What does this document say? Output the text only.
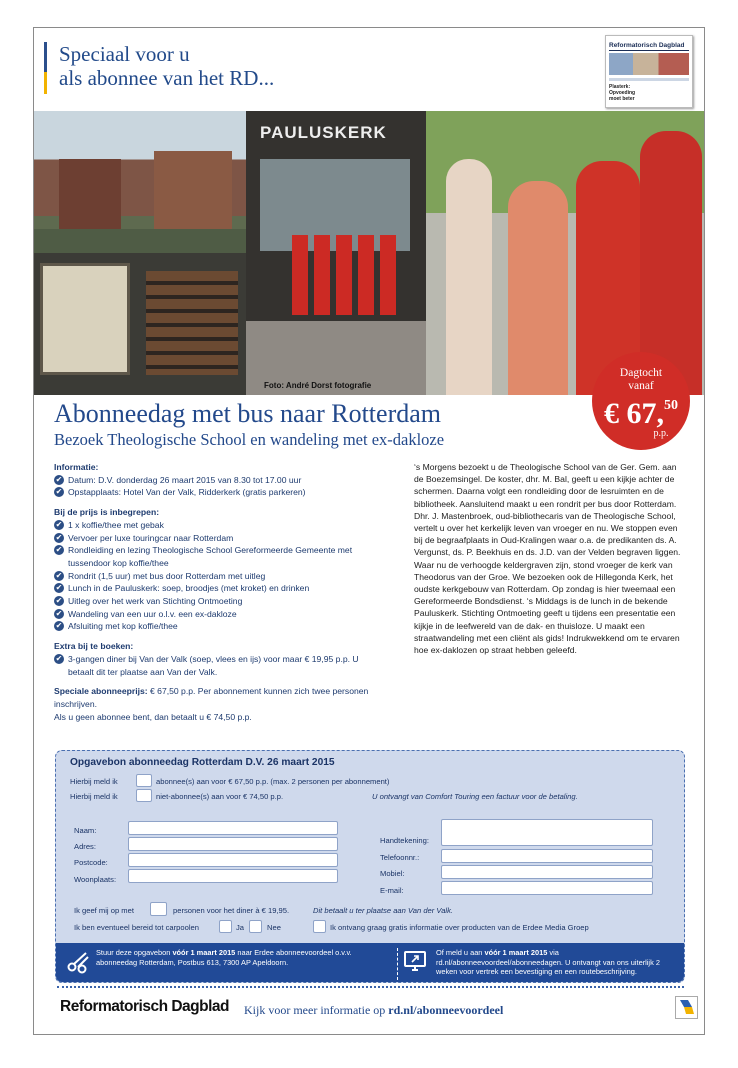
Speciaal voor u
als abonnee van het RD...
Reformatorisch Dagblad
Plasterk: Opvoeding moet beter
PAULUSKERK
Foto: André Dorst fotografie
Dagtocht
vanaf
€ 67,50
p.p.
Abonneedag met bus naar Rotterdam
Bezoek Theologische School en wandeling met ex-dakloze
Informatie:
✔ Datum: D.V. donderdag 26 maart 2015 van 8.30 tot 17.00 uur
✔ Opstapplaats: Hotel Van der Valk, Ridderkerk (gratis parkeren)
Bij de prijs is inbegrepen:
✔ 1 x koffie/thee met gebak
✔ Vervoer per luxe touringcar naar Rotterdam
✔ Rondleiding en lezing Theologische School Gereformeerde Gemeente met tussendoor kop koffie/thee
✔ Rondrit (1,5 uur) met bus door Rotterdam met uitleg
✔ Lunch in de Pauluskerk: soep, broodjes (met kroket) en drinken
✔ Uitleg over het werk van Stichting Ontmoeting
✔ Wandeling van een uur o.l.v. een ex-dakloze
✔ Afsluiting met kop koffie/thee
Extra bij te boeken:
✔ 3-gangen diner bij Van der Valk (soep, vlees en ijs) voor maar € 19,95 p.p. U betaalt dit ter plaatse aan Van der Valk.
Speciale abonneeprijs: € 67,50 p.p. Per abonnement kunnen zich twee personen inschrijven.
Als u geen abonnee bent, dan betaalt u € 74,50 p.p.
‘s Morgens bezoekt u de Theologische School van de Ger. Gem. aan de Boezemsingel. De koster, dhr. M. Bal, geeft u een kijkje achter de schermen. Daarna volgt een rondleiding door de lesruimten en de bibliotheek. Aansluitend maakt u een rondrit per bus door Rotterdam. Dhr. J. Mastenbroek, oud-bibliothecaris van de Theologische School, vertelt u over het kerkelijk leven van vroeger en nu. We stoppen even bij de begraafplaats in Oud-Kralingen waar o.a. de predikanten ds. A. Vergunst, ds. P. Beekhuis en ds. J.D. van der Velden begraven liggen. Waar nu de verhoogde keldergraven zijn, stond vroeger de kerk van Theodorus van der Groe. We bezoeken ook de Hillegonda Kerk, het oudste kerkgebouw van Rotterdam. Op zondag is hier tweemaal een Gereformeerde Bondsdienst. ‘s Middags is de lunch in de bekende Pauluskerk. Stichting Ontmoeting geeft u tijdens een presentatie een kijkje in de leefwereld van de dak- en thuisloze. U maakt een straatwandeling met een cliënt als gids! Indrukwekkend om te ervaren hoe ex-daklozen op straat hebben geleefd.
Opgavebon abonneedag Rotterdam D.V. 26 maart 2015
Hierbij meld ik	abonnee(s) aan voor € 67,50 p.p. (max. 2 personen per abonnement)
Hierbij meld ik	niet-abonnee(s) aan voor € 74,50 p.p.	U ontvangt van Comfort Touring een factuur voor de betaling.
Naam:
Adres:
Postcode:
Woonplaats:
Handtekening:
Telefoonnr.:
Mobiel:
E-mail:
Ik geef mij op met	personen voor het diner à € 19,95.	Dit betaalt u ter plaatse aan Van der Valk.
Ik ben eventueel bereid tot carpoolen	Ja	Nee	Ik ontvang graag gratis informatie over producten van de Erdee Media Groep
Stuur deze opgavebon vóór 1 maart 2015 naar Erdee abonneevoordeel o.v.v. abonneedag Rotterdam, Postbus 613, 7300 AP Apeldoorn.
Of meld u aan vóór 1 maart 2015 via rd.nl/abonneevoordeel/abonneedagen. U ontvangt van ons uiterlijk 2 weken voor vertrek een bevestiging en een routebeschrijving.
Reformatorisch Dagblad Kijk voor meer informatie op rd.nl/abonneevoordeel
